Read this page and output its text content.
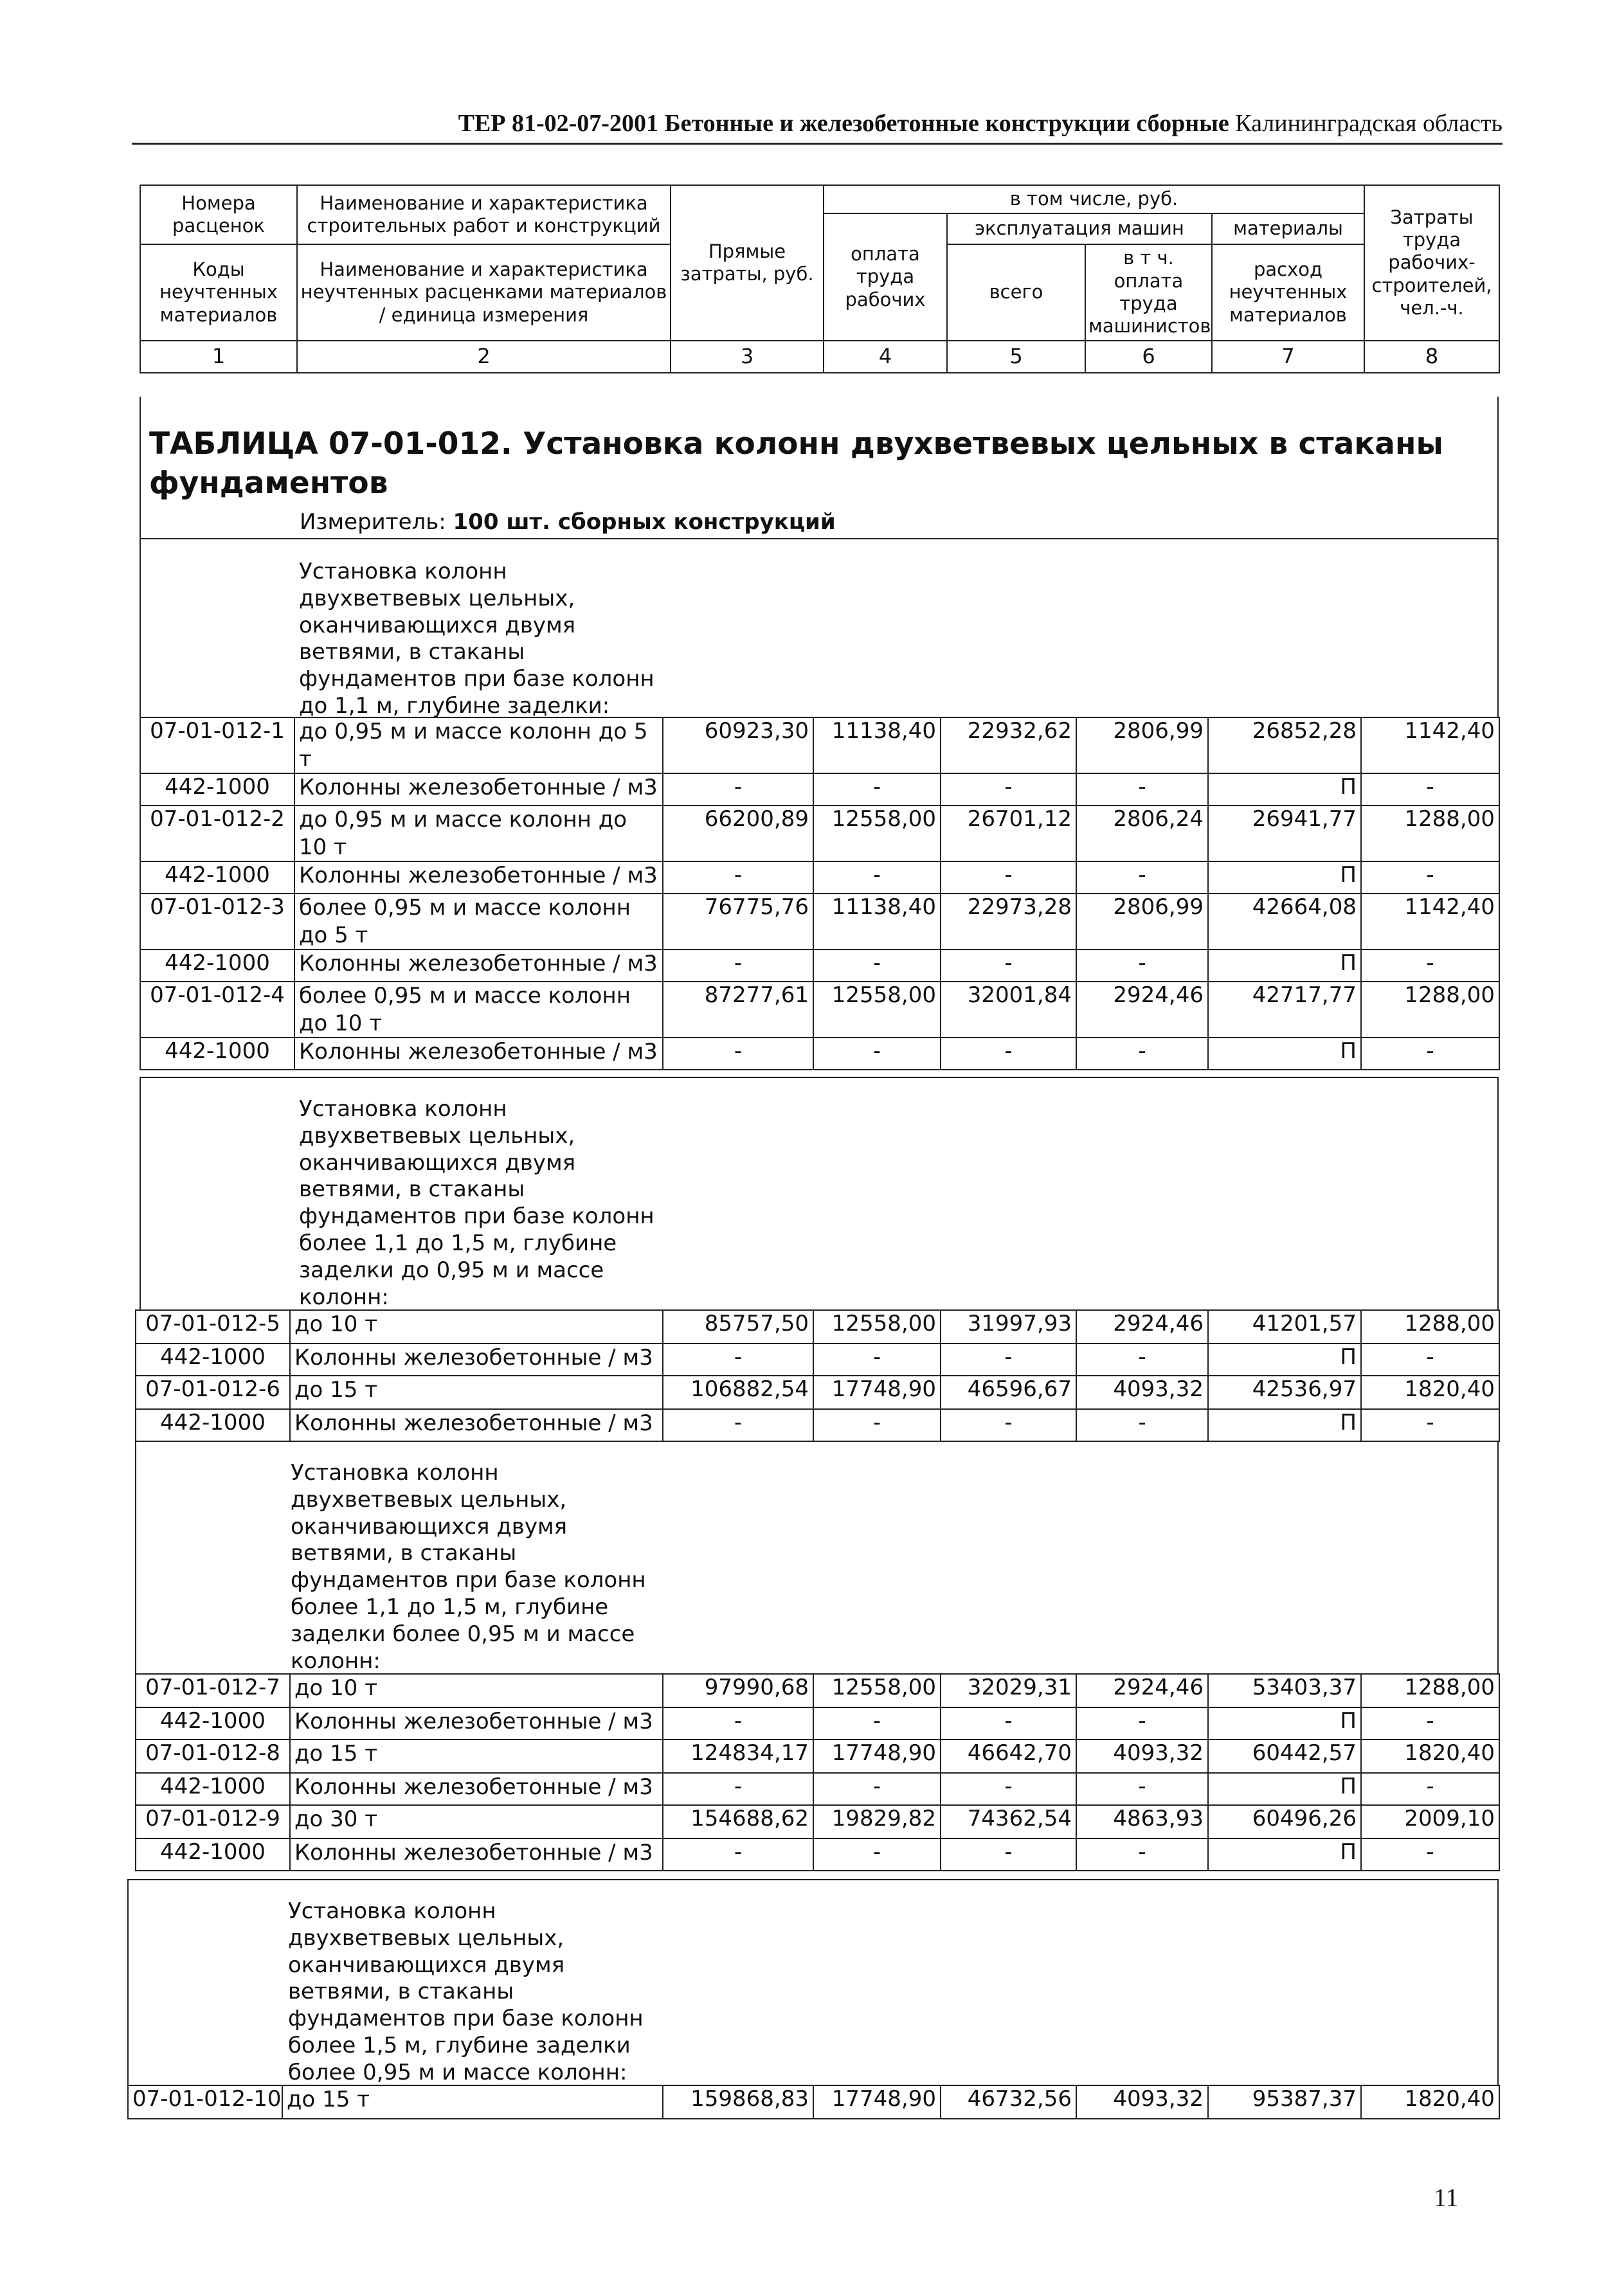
ТЕР 81-02-07-2001 Бетонные и железобетонные конструкции сборные Калининградская область
Номера расценок	Наименование и характеристика строительных работ и конструкций	Прямые затраты, руб.	в том числе, руб.				Затраты труда рабочих-строителей, чел.-ч.
			оплата труда рабочих	эксплуатация машин		материалы	

Коды неучтенных материалов	Наименование и характеристика неучтенных расценками материалов / единица измерения			всего	в т ч. оплата труда машинистов	расход неучтенных материалов	

1	2	3	4	5	6	7	8
ТАБЛИЦА 07-01-012. Установка колонн двухветвевых цельных в стаканы фундаментов
Измеритель: 100 шт. сборных конструкций
Установка колонн
двухветвевых цельных,
оканчивающихся двумя
ветвями, в стаканы
фундаментов при базе колонн
до 1,1 м, глубине заделки:
07-01-012-1	до 0,95 м и массе колонн до 5 т	60923,30	11138,40	22932,62	2806,99	26852,28	1142,40
442-1000	Колонны железобетонные / м3	-	-	-	-	П	-
07-01-012-2	до 0,95 м и массе колонн до 10 т	66200,89	12558,00	26701,12	2806,24	26941,77	1288,00
442-1000	Колонны железобетонные / м3	-	-	-	-	П	-
07-01-012-3	более 0,95 м и массе колонн до 5 т	76775,76	11138,40	22973,28	2806,99	42664,08	1142,40
442-1000	Колонны железобетонные / м3	-	-	-	-	П	-
07-01-012-4	более 0,95 м и массе колонн до 10 т	87277,61	12558,00	32001,84	2924,46	42717,77	1288,00
442-1000	Колонны железобетонные / м3	-	-	-	-	П	-
Установка колонн
двухветвевых цельных,
оканчивающихся двумя
ветвями, в стаканы
фундаментов при базе колонн
более 1,1 до 1,5 м, глубине
заделки до 0,95 м и массе
колонн:
07-01-012-5	до 10 т	85757,50	12558,00	31997,93	2924,46	41201,57	1288,00
442-1000	Колонны железобетонные / м3	-	-	-	-	П	-
07-01-012-6	до 15 т	106882,54	17748,90	46596,67	4093,32	42536,97	1820,40
442-1000	Колонны железобетонные / м3	-	-	-	-	П	-
Установка колонн
двухветвевых цельных,
оканчивающихся двумя
ветвями, в стаканы
фундаментов при базе колонн
более 1,1 до 1,5 м, глубине
заделки более 0,95 м и массе
колонн:
07-01-012-7	до 10 т	97990,68	12558,00	32029,31	2924,46	53403,37	1288,00
442-1000	Колонны железобетонные / м3	-	-	-	-	П	-
07-01-012-8	до 15 т	124834,17	17748,90	46642,70	4093,32	60442,57	1820,40
442-1000	Колонны железобетонные / м3	-	-	-	-	П	-
07-01-012-9	до 30 т	154688,62	19829,82	74362,54	4863,93	60496,26	2009,10
442-1000	Колонны железобетонные / м3	-	-	-	-	П	-
Установка колонн
двухветвевых цельных,
оканчивающихся двумя
ветвями, в стаканы
фундаментов при базе колонн
более 1,5 м, глубине заделки
более 0,95 м и массе колонн:
07-01-012-10	до 15 т	159868,83	17748,90	46732,56	4093,32	95387,37	1820,40
11
